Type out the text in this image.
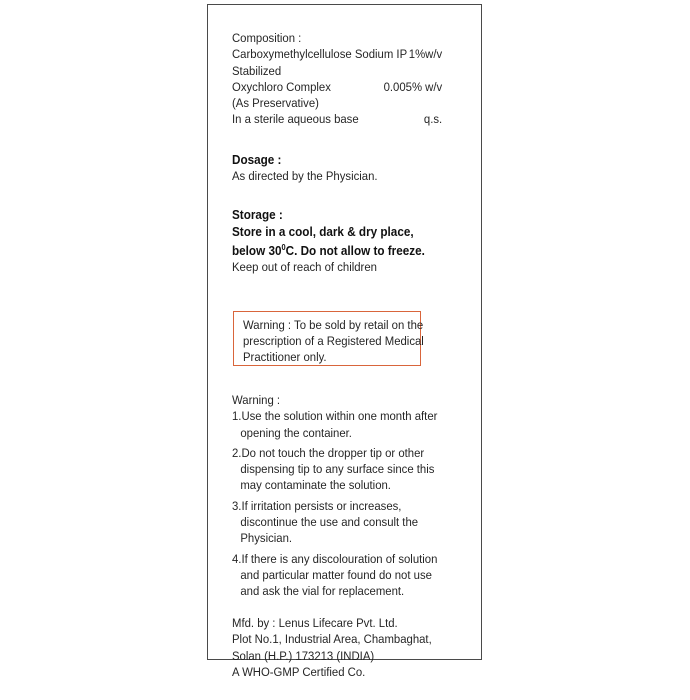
Composition :
Carboxymethylcellulose Sodium IP 1%w/v
Stabilized
Oxychloro Complex	0.005% w/v
(As Preservative)
In a sterile aqueous base	q.s.
Dosage :
As directed by the Physician.
Storage :
Store in a cool, dark & dry place,
below $30^0C$. Do not allow to freeze.
Keep out of reach of children
Warning : To be sold by retail on the
prescription of a Registered Medical
Practitioner only.
Warning :
1.Use the solution within one month after
opening the container.
2.Do not touch the dropper tip or other
dispensing tip to any surface since this
may contaminate the solution.
3.If irritation persists or increases,
discontinue the use and consult the
Physician.
4.If there is any discolouration of solution
and particular matter found do not use
and ask the vial for replacement.
Mfd. by : Lenus Lifecare Pvt. Ltd.
Plot No.1, Industrial Area, Chambaghat,
Solan (H.P.) 173213 (INDIA)
A WHO-GMP Certified Co.
